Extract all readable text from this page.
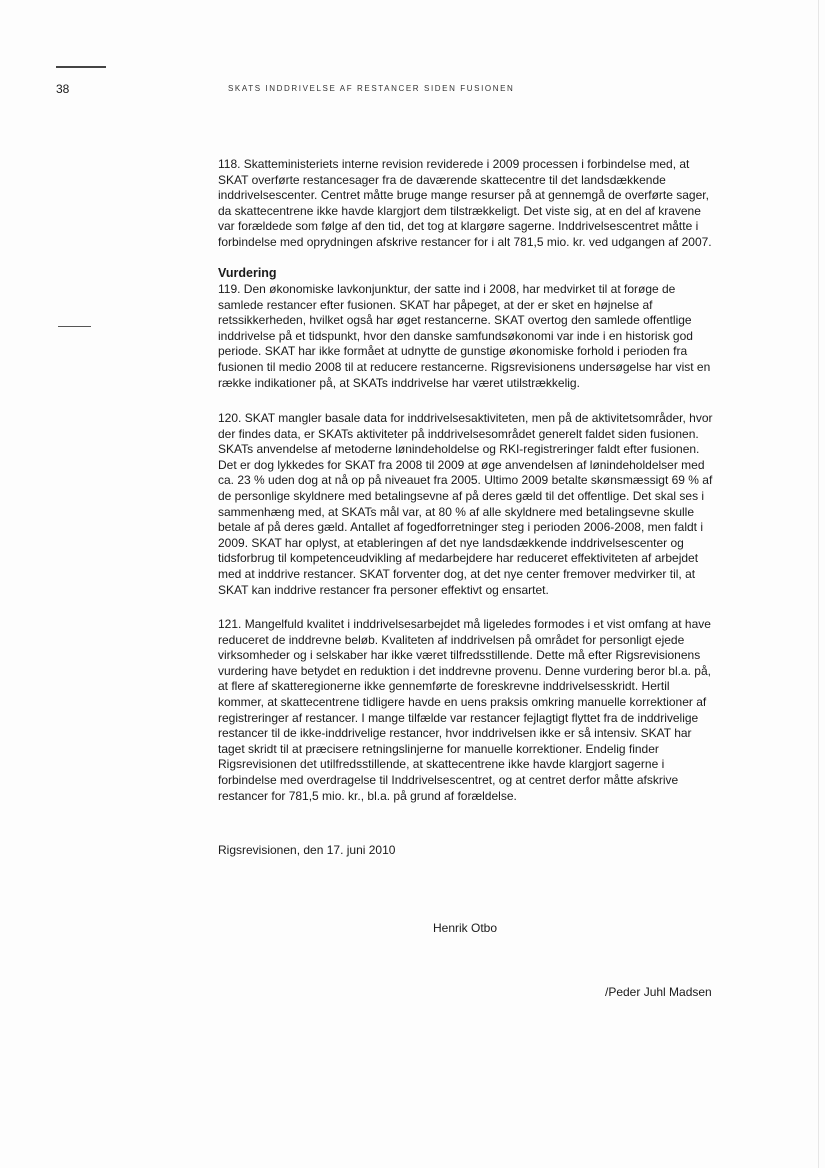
38	SKATS INDDRIVELSE AF RESTANCER SIDEN FUSIONEN

118. Skatteministeriets interne revision reviderede i 2009 processen i forbindelse med, at SKAT overførte restancesager fra de daværende skattecentre til det landsdækkende inddrivelsescenter. Centret måtte bruge mange resurser på at gennemgå de overførte sager, da skattecentrene ikke havde klargjort dem tilstrækkeligt. Det viste sig, at en del af kravene var forældede som følge af den tid, det tog at klargøre sagerne. Inddrivelsescentret måtte i forbindelse med oprydningen afskrive restancer for i alt 781,5 mio. kr. ved udgangen af 2007.

Vurdering

119. Den økonomiske lavkonjunktur, der satte ind i 2008, har medvirket til at forøge de samlede restancer efter fusionen. SKAT har påpeget, at der er sket en højnelse af retssikkerheden, hvilket også har øget restancerne. SKAT overtog den samlede offentlige inddrivelse på et tidspunkt, hvor den danske samfundsøkonomi var inde i en historisk god periode. SKAT har ikke formået at udnytte de gunstige økonomiske forhold i perioden fra fusionen til medio 2008 til at reducere restancerne. Rigsrevisionens undersøgelse har vist en række indikationer på, at SKATs inddrivelse har været utilstrækkelig.

120. SKAT mangler basale data for inddrivelsesaktiviteten, men på de aktivitetsområder, hvor der findes data, er SKATs aktiviteter på inddrivelsesområdet generelt faldet siden fusionen. SKATs anvendelse af metoderne lønindeholdelse og RKI-registreringer faldt efter fusionen. Det er dog lykkedes for SKAT fra 2008 til 2009 at øge anvendelsen af lønindeholdelser med ca. 23 % uden dog at nå op på niveauet fra 2005. Ultimo 2009 betalte skønsmæssigt 69 % af de personlige skyldnere med betalingsevne af på deres gæld til det offentlige. Det skal ses i sammenhæng med, at SKATs mål var, at 80 % af alle skyldnere med betalingsevne skulle betale af på deres gæld. Antallet af fogedforretninger steg i perioden 2006-2008, men faldt i 2009. SKAT har oplyst, at etableringen af det nye landsdækkende inddrivelsescenter og tidsforbrug til kompetenceudvikling af medarbejdere har reduceret effektiviteten af arbejdet med at inddrive restancer. SKAT forventer dog, at det nye center fremover medvirker til, at SKAT kan inddrive restancer fra personer effektivt og ensartet.

121. Mangelfuld kvalitet i inddrivelsesarbejdet må ligeledes formodes i et vist omfang at have reduceret de inddrevne beløb. Kvaliteten af inddrivelsen på området for personligt ejede virksomheder og i selskaber har ikke været tilfredsstillende. Dette må efter Rigsrevisionens vurdering have betydet en reduktion i det inddrevne provenu. Denne vurdering beror bl.a. på, at flere af skatteregionerne ikke gennemførte de foreskrevne inddrivelsesskridt. Hertil kommer, at skattecentrene tidligere havde en uens praksis omkring manuelle korrektioner af registreringer af restancer. I mange tilfælde var restancer fejlagtigt flyttet fra de inddrivelige restancer til de ikke-inddrivelige restancer, hvor inddrivelsen ikke er så intensiv. SKAT har taget skridt til at præcisere retningslinjerne for manuelle korrektioner. Endelig finder Rigsrevisionen det utilfredsstillende, at skattecentrene ikke havde klargjort sagerne i forbindelse med overdragelse til Inddrivelsescentret, og at centret derfor måtte afskrive restancer for 781,5 mio. kr., bl.a. på grund af forældelse.

Rigsrevisionen, den 17. juni 2010
Henrik Otbo
/Peder Juhl Madsen
